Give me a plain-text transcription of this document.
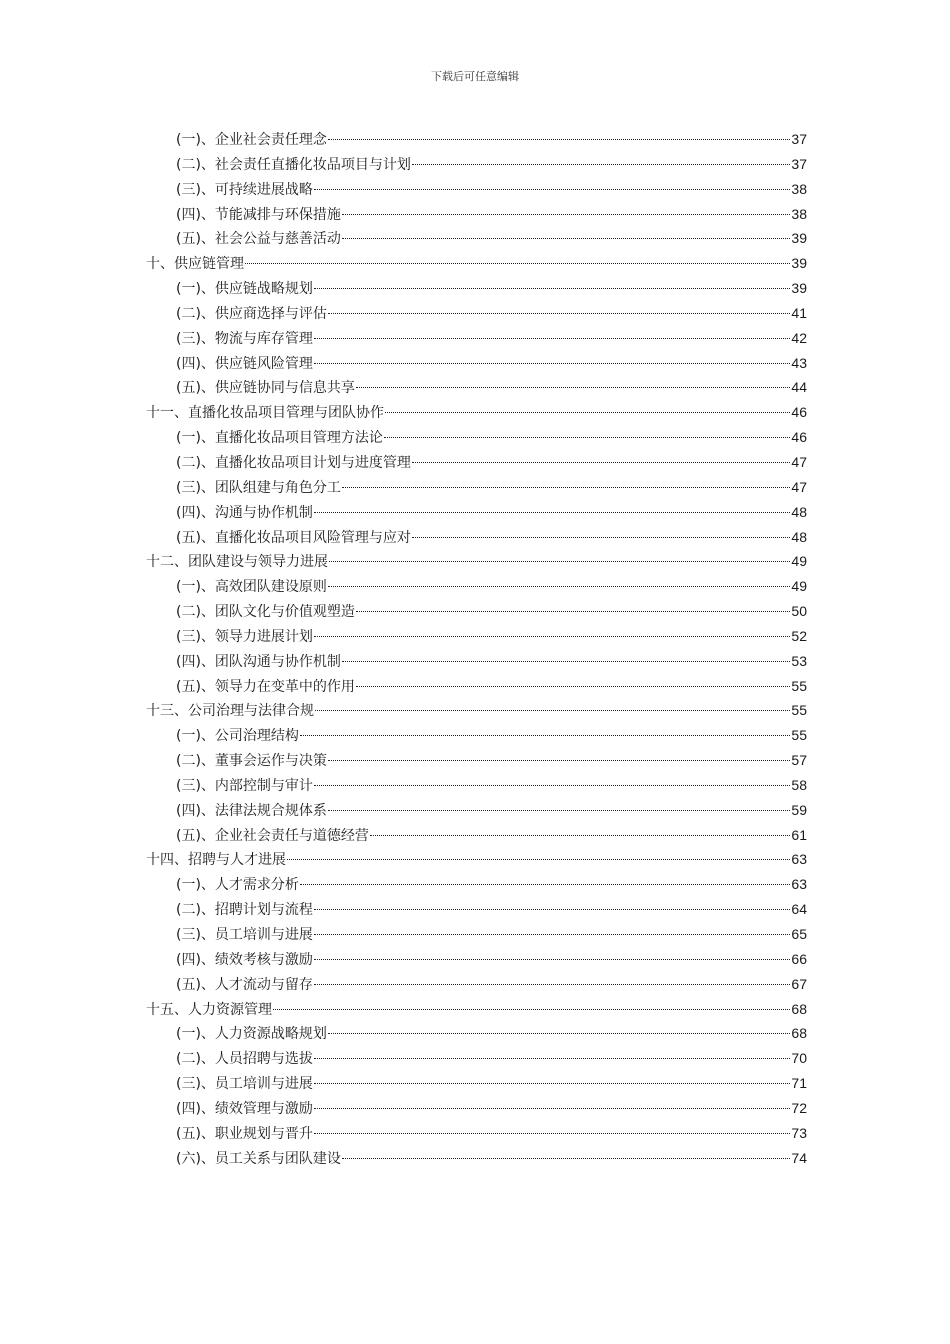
下载后可任意编辑
(一)、企业社会责任理念	37
(二)、社会责任直播化妆品项目与计划	37
(三)、可持续进展战略	38
(四)、节能减排与环保措施	38
(五)、社会公益与慈善活动	39
十、供应链管理	39
(一)、供应链战略规划	39
(二)、供应商选择与评估	41
(三)、物流与库存管理	42
(四)、供应链风险管理	43
(五)、供应链协同与信息共享	44
十一、直播化妆品项目管理与团队协作	46
(一)、直播化妆品项目管理方法论	46
(二)、直播化妆品项目计划与进度管理	47
(三)、团队组建与角色分工	47
(四)、沟通与协作机制	48
(五)、直播化妆品项目风险管理与应对	48
十二、团队建设与领导力进展	49
(一)、高效团队建设原则	49
(二)、团队文化与价值观塑造	50
(三)、领导力进展计划	52
(四)、团队沟通与协作机制	53
(五)、领导力在变革中的作用	55
十三、公司治理与法律合规	55
(一)、公司治理结构	55
(二)、董事会运作与决策	57
(三)、内部控制与审计	58
(四)、法律法规合规体系	59
(五)、企业社会责任与道德经营	61
十四、招聘与人才进展	63
(一)、人才需求分析	63
(二)、招聘计划与流程	64
(三)、员工培训与进展	65
(四)、绩效考核与激励	66
(五)、人才流动与留存	67
十五、人力资源管理	68
(一)、人力资源战略规划	68
(二)、人员招聘与选拔	70
(三)、员工培训与进展	71
(四)、绩效管理与激励	72
(五)、职业规划与晋升	73
(六)、员工关系与团队建设	74
